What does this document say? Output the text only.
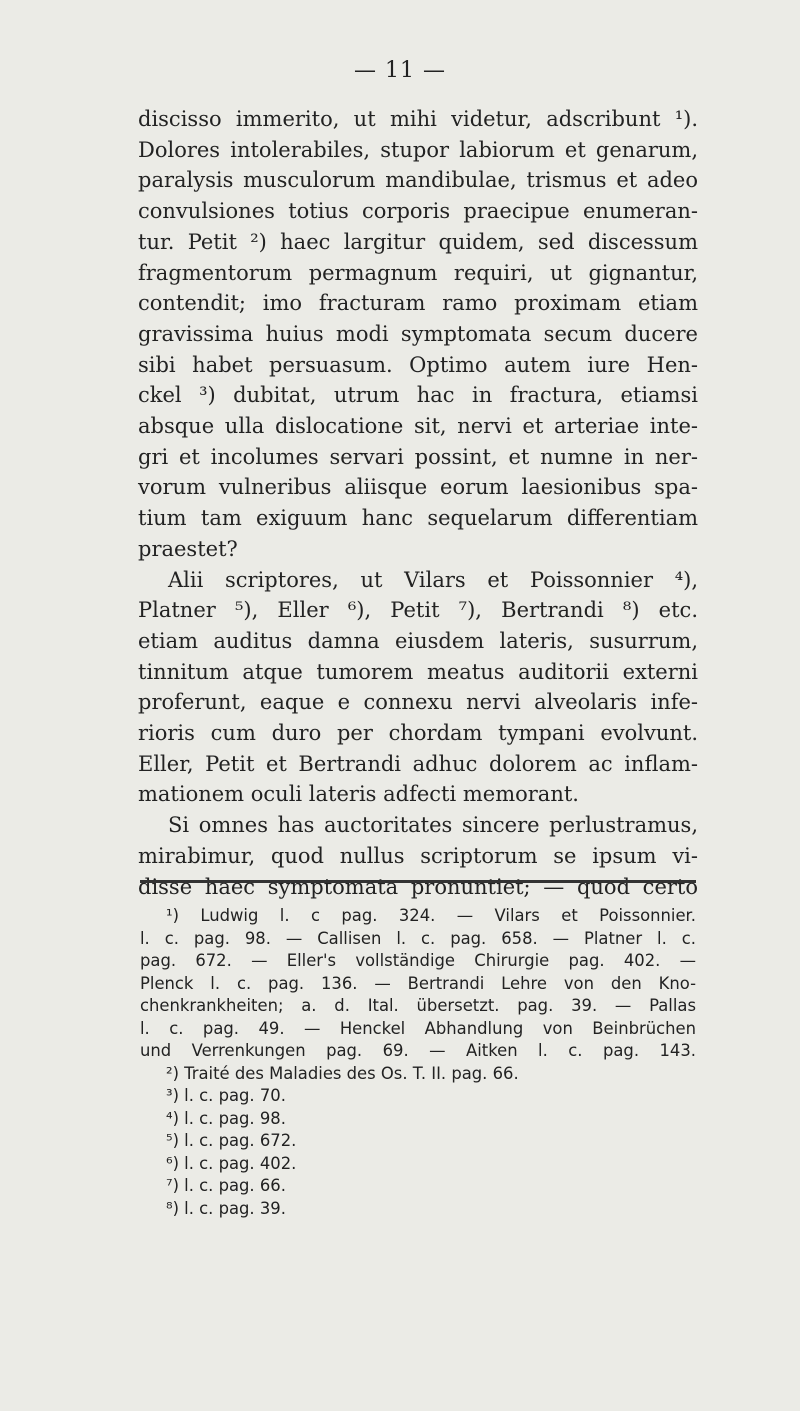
— 11 —
discisso immerito, ut mihi videtur, adscribunt ¹).
Dolores intolerabiles, stupor labiorum et genarum,
paralysis musculorum mandibulae, trismus et adeo
convulsiones totius corporis praecipue enumeran-
tur. Petit ²) haec largitur quidem, sed discessum
fragmentorum permagnum requiri, ut gignantur,
contendit; imo fracturam ramo proximam etiam
gravissima huius modi symptomata secum ducere
sibi habet persuasum. Optimo autem iure Hen-
ckel ³) dubitat, utrum hac in fractura, etiamsi
absque ulla dislocatione sit, nervi et arteriae inte-
gri et incolumes servari possint, et numne in ner-
vorum vulneribus aliisque eorum laesionibus spa-
tium tam exiguum hanc sequelarum differentiam
praestet?
Alii scriptores, ut Vilars et Poissonnier ⁴),
Platner ⁵), Eller ⁶), Petit ⁷), Bertrandi ⁸) etc.
etiam auditus damna eiusdem lateris, susurrum,
tinnitum atque tumorem meatus auditorii externi
proferunt, eaque e connexu nervi alveolaris infe-
rioris cum duro per chordam tympani evolvunt.
Eller, Petit et Bertrandi adhuc dolorem ac inflam-
mationem oculi lateris adfecti memorant.
Si omnes has auctoritates sincere perlustramus,
mirabimur, quod nullus scriptorum se ipsum vi-
disse haec symptomata pronuntiet; — quod certo
¹) Ludwig l. c pag. 324. — Vilars et Poissonnier.
l. c. pag. 98. — Callisen l. c. pag. 658. — Platner l. c.
pag. 672. — Eller's vollständige Chirurgie pag. 402. —
Plenck l. c. pag. 136. — Bertrandi Lehre von den Kno-
chenkrankheiten; a. d. Ital. übersetzt. pag. 39. — Pallas
l. c. pag. 49. — Henckel Abhandlung von Beinbrüchen
und Verrenkungen pag. 69. — Aitken l. c. pag. 143.
²) Traité des Maladies des Os. T. II. pag. 66.
³) l. c. pag. 70.
⁴) l. c. pag. 98.
⁵) l. c. pag. 672.
⁶) l. c. pag. 402.
⁷) l. c. pag. 66.
⁸) l. c. pag. 39.
